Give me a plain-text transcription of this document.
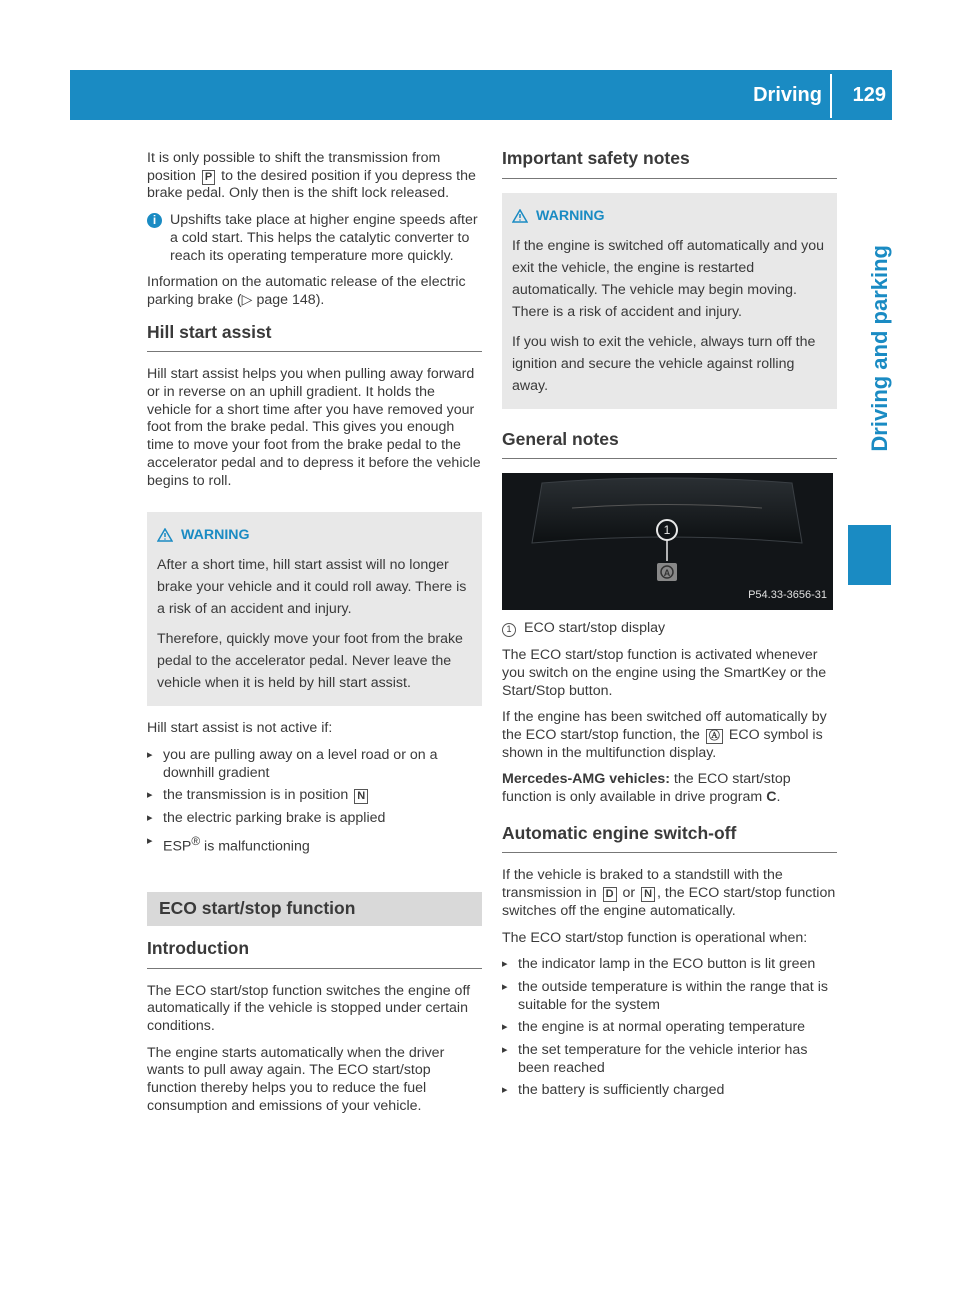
Driving 129
Driving and parking

It is only possible to shift the transmission from position P to the desired position if you depress the brake pedal. Only then is the shift lock released.

i Upshifts take place at higher engine speeds after a cold start. This helps the catalytic converter to reach its operating temperature more quickly.

Information on the automatic release of the electric parking brake (▷ page 148).

Hill start assist

Hill start assist helps you when pulling away forward or in reverse on an uphill gradient. It holds the vehicle for a short time after you have removed your foot from the brake pedal. This gives you enough time to move your foot from the brake pedal to the accelerator pedal and to depress it before the vehicle begins to roll.

WARNING

After a short time, hill start assist will no longer brake your vehicle and it could roll away. There is a risk of an accident and injury.

Therefore, quickly move your foot from the brake pedal to the accelerator pedal. Never leave the vehicle when it is held by hill start assist.

Hill start assist is not active if:

▸ you are pulling away on a level road or on a downhill gradient
▸ the transmission is in position N
▸ the electric parking brake is applied
▸ ESP® is malfunctioning
ECO start/stop function
Introduction

The ECO start/stop function switches the engine off automatically if the vehicle is stopped under certain conditions.

The engine starts automatically when the driver wants to pull away again. The ECO start/stop function thereby helps you to reduce the fuel consumption and emissions of your vehicle.

Important safety notes
WARNING

If the engine is switched off automatically and you exit the vehicle, the engine is restarted automatically. The vehicle may begin moving. There is a risk of accident and injury.

If you wish to exit the vehicle, always turn off the ignition and secure the vehicle against rolling away.

General notes
1
A
P54.33-3656-31

1 ECO start/stop display

The ECO start/stop function is activated whenever you switch on the engine using the SmartKey or the Start/Stop button.

If the engine has been switched off automatically by the ECO start/stop function, the Ⓐ ECO symbol is shown in the multifunction display.

Mercedes-AMG vehicles: the ECO start/stop function is only available in drive program C.

Automatic engine switch-off

If the vehicle is braked to a standstill with the transmission in D or N , the ECO start/stop function switches off the engine automatically.

The ECO start/stop function is operational when:

▸ the indicator lamp in the ECO button is lit green
▸ the outside temperature is within the range that is suitable for the system
▸ the engine is at normal operating temperature
▸ the set temperature for the vehicle interior has been reached
▸ the battery is sufficiently charged
